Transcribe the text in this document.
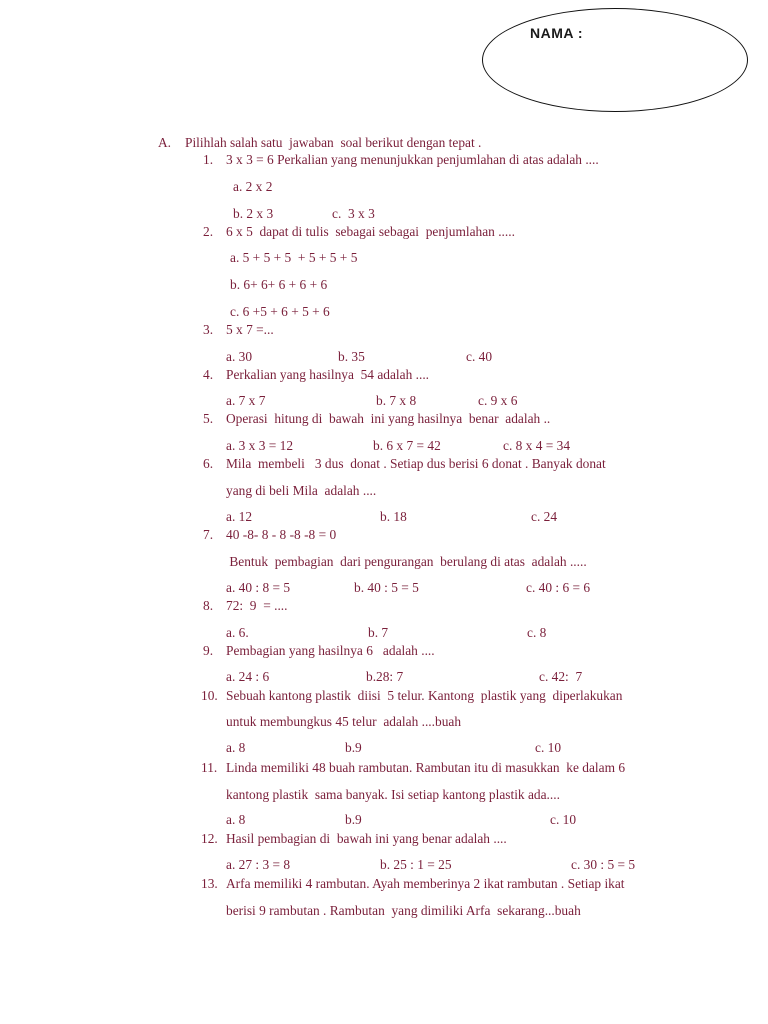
NAMA :
A. Pilihlah salah satu  jawaban  soal berikut dengan tepat .
1. 3 x 3 = 6 Perkalian yang menunjukkan penjumlahan di atas adalah ....
a. 2 x 2
b. 2 x 3	c.  3 x 3
2. 6 x 5  dapat di tulis  sebagai sebagai  penjumlahan .....
a. 5 + 5 + 5  + 5 + 5 + 5
b. 6+ 6+ 6 + 6 + 6
c. 6 +5 + 6 + 5 + 6
3. 5 x 7 =...
a. 30	b. 35	c. 40
4. Perkalian yang hasilnya  54 adalah ....
a. 7 x 7	b. 7 x 8	c. 9 x 6
5. Operasi  hitung di  bawah  ini yang hasilnya  benar  adalah ..
a. 3 x 3 = 12	b. 6 x 7 = 42	c. 8 x 4 = 34
6. Mila  membeli   3 dus  donat . Setiap dus berisi 6 donat . Banyak donat
yang di beli Mila  adalah ....
a. 12	b. 18	c. 24
7. 40 -8- 8 - 8 -8 -8 = 0
Bentuk  pembagian  dari pengurangan  berulang di atas  adalah .....
a. 40 : 8 = 5	b. 40 : 5 = 5	c. 40 : 6 = 6
8. 72:  9  = ....
a. 6.	b. 7	c. 8
9. Pembagian yang hasilnya 6   adalah ....
a. 24 : 6	b.28: 7	c. 42:  7
10. Sebuah kantong plastik  diisi  5 telur. Kantong  plastik yang  diperlakukan
untuk membungkus 45 telur  adalah ....buah
a. 8	b.9	c. 10
11. Linda memiliki 48 buah rambutan. Rambutan itu di masukkan  ke dalam 6
kantong plastik  sama banyak. Isi setiap kantong plastik ada....
a. 8	b.9	c. 10
12. Hasil pembagian di  bawah ini yang benar adalah ....
a. 27 : 3 = 8	b. 25 : 1 = 25	c. 30 : 5 = 5
13. Arfa memiliki 4 rambutan. Ayah memberinya 2 ikat rambutan . Setiap ikat
berisi 9 rambutan . Rambutan  yang dimiliki Arfa  sekarang...buah
